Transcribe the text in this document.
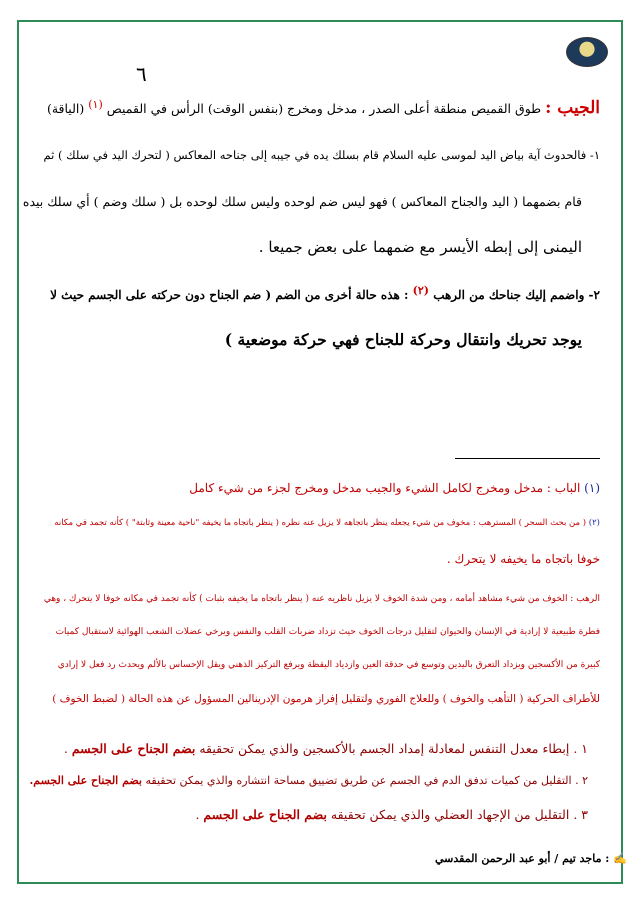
٦
الجيب : طوق القميص منطقة أعلى الصدر ، مدخل ومخرج (بنفس الوقت) الرأس في القميص (١) (الياقة)
١- فالحدوث آية بياض اليد لموسى عليه السلام قام بسلك يده في جيبه إلى جناحه المعاكس ( لتحرك اليد في سلك ) ثم
قام بضمهما ( اليد والجناح المعاكس ) فهو ليس ضم لوحده وليس سلك لوحده بل ( سلك وضم ) أي سلك بيده
اليمنى إلى إبطه الأيسر مع ضمهما على بعض جميعا .
٢- واضمم إليك جناحك من الرهب (٢) : هذه حالة أخرى من الضم ( ضم الجناح دون حركته على الجسم حيث لا
يوجد تحريك وانتقال وحركة للجناح فهي حركة موضعية )
(١) الباب : مدخل ومخرج لكامل الشيء والجيب مدخل ومخرج لجزء من شيء كامل
(٢) ( من بحث السحر ) المسترهب : مخوف من شيء يجعله ينظر باتجاهه لا يزيل عنه نظره ( ينظر باتجاه ما يخيفه "ناحية معينة وثابتة" ) كأنه تجمد في مكانه
خوفا باتجاه ما يخيفه لا يتحرك .
الرهب : الخوف من شيء مشاهد أمامه ، ومن شدة الخوف لا يزيل ناظريه عنه ( ينظر باتجاه ما يخيفه بثبات ) كأنه تجمد في مكانه خوفا لا يتحرك ، وهي
فطرة طبيعية لا إرادية في الإنسان والحيوان لتقليل درجات الخوف حيث تزداد ضربات القلب والنفس ويرخي عضلات الشعب الهوائية لاستقبال كميات
كبيرة من الأكسجين ويزداد التعرق باليدين وتوسع في حدقة العين وازدياد اليقظة ويرفع التركيز الذهني ويقل الإحساس بالألم ويحدث رد فعل لا إرادي
للأطراف الحركية ( التأهب والخوف ) وللعلاج الفوري ولتقليل إفراز هرمون الإدرينالين المسؤول عن هذه الحالة ( لضبط الخوف )
١ . إبطاء معدل التنفس لمعادلة إمداد الجسم بالأكسجين والذي يمكن تحقيقه بضم الجناح على الجسم .
٢ . التقليل من كميات تدفق الدم في الجسم عن طريق تضييق مساحة انتشاره والذي يمكن تحقيقه بضم الجناح على الجسم.
٣ . التقليل من الإجهاد العضلي والذي يمكن تحقيقه بضم الجناح على الجسم .
✍ : ماجد تيم / أبو عبد الرحمن المقدسي
